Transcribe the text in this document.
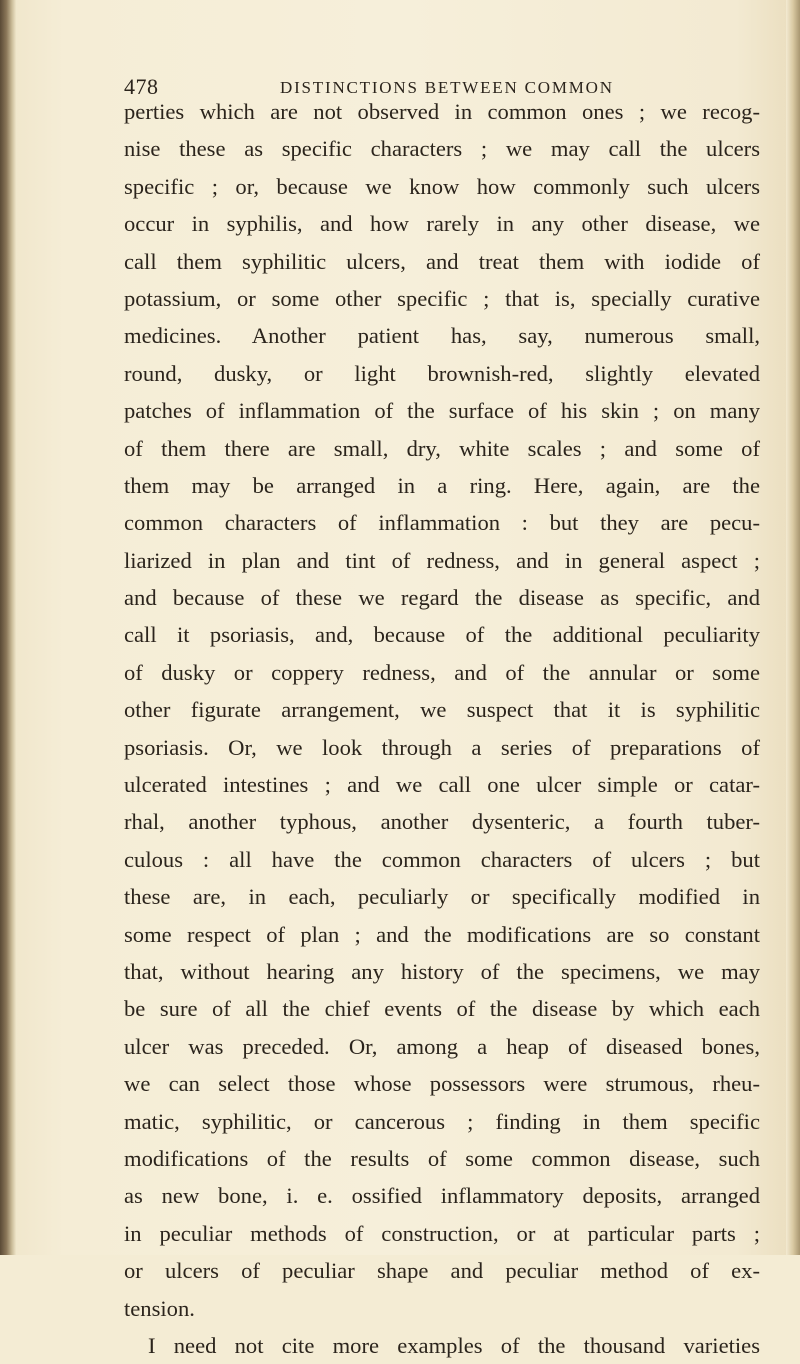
478	DISTINCTIONS BETWEEN COMMON
perties which are not observed in common ones ; we recog-
nise these as specific characters ; we may call the ulcers
specific ; or, because we know how commonly such ulcers
occur in syphilis, and how rarely in any other disease, we
call them syphilitic ulcers, and treat them with iodide of
potassium, or some other specific ; that is, specially curative
medicines. Another patient has, say, numerous small,
round, dusky, or light brownish-red, slightly elevated
patches of inflammation of the surface of his skin ; on many
of them there are small, dry, white scales ; and some of
them may be arranged in a ring. Here, again, are the
common characters of inflammation : but they are pecu-
liarized in plan and tint of redness, and in general aspect ;
and because of these we regard the disease as specific, and
call it psoriasis, and, because of the additional peculiarity
of dusky or coppery redness, and of the annular or some
other figurate arrangement, we suspect that it is syphilitic
psoriasis. Or, we look through a series of preparations of
ulcerated intestines ; and we call one ulcer simple or catar-
rhal, another typhous, another dysenteric, a fourth tuber-
culous : all have the common characters of ulcers ; but
these are, in each, peculiarly or specifically modified in
some respect of plan ; and the modifications are so constant
that, without hearing any history of the specimens, we may
be sure of all the chief events of the disease by which each
ulcer was preceded. Or, among a heap of diseased bones,
we can select those whose possessors were strumous, rheu-
matic, syphilitic, or cancerous ; finding in them specific
modifications of the results of some common disease, such
as new bone, i. e. ossified inflammatory deposits, arranged
in peculiar methods of construction, or at particular parts ;
or ulcers of peculiar shape and peculiar method of ex-
tension.
I need not cite more examples of the thousand varieties
